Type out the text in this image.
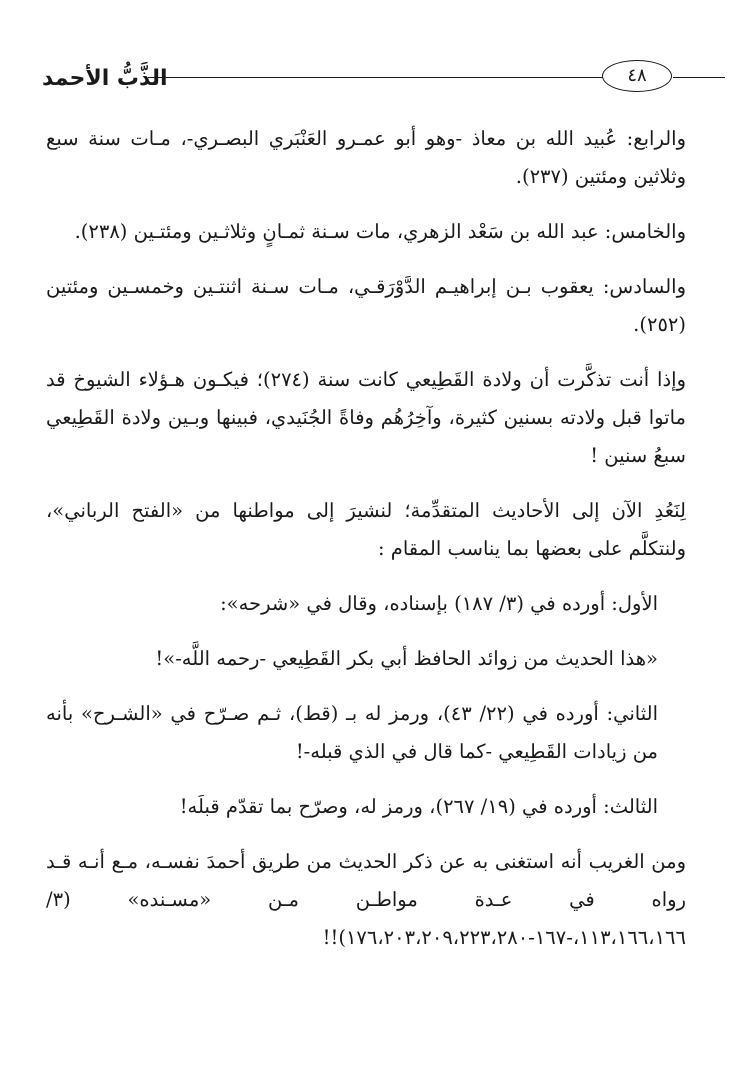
الذَّبُّ الأحمد	٤٨

والرابع: عُبيد الله بن معاذ -وهو أبو عمـرو العَنْبَري البصـري-، مـات سنة سبع وثلاثين ومئتين (٢٣٧).

والخامس: عبد الله بن سَعْد الزهري، مات سـنة ثمـانٍ وثلاثـين ومئتـين (٢٣٨).

والسادس: يعقوب بـن إبراهيـم الدَّوْرَقـي، مـات سـنة اثنتـين وخمسـين ومئتين (٢٥٢).

وإذا أنت تذكَّرت أن ولادة القَطِيعي كانت سنة (٢٧٤)؛ فيكـون هـؤلاء الشيوخ قد ماتوا قبل ولادته بسنين كثيرة، وآخِرُهُم وفاةً الجُنَيدي، فبينها وبـين ولادة القَطِيعي سبعُ سنين !

لِنَعُدِ الآن إلى الأحاديث المتقدِّمة؛ لنشيرَ إلى مواطنها من «الفتح الرباني»، ولنتكلَّم على بعضها بما يناسب المقام :

الأول: أورده في (٣/ ١٨٧) بإسناده، وقال في «شرحه»:

«هذا الحديث من زوائد الحافظ أبي بكر القَطِيعي -رحمه اللَّه-»!

الثاني: أورده في (٢٢/ ٤٣)، ورمز له بـ (قط)، ثـم صـرّح في «الشـرح» بأنه من زيادات القَطِيعي -كما قال في الذي قبله-!

الثالث: أورده في (١٩/ ٢٦٧)، ورمز له، وصرّح بما تقدّم قبلَه!

ومن الغريب أنه استغنى به عن ذكر الحديث من طريق أحمدَ نفسـه، مـع أنـه قـد رواه في عـدة مواطـن مـن «مسـنده» (٣/ ١١٣،١٦٦،١٦٦،-١٦٧-١٧٦،٢٠٣،٢٠٩،٢٢٣،٢٨٠)!!
